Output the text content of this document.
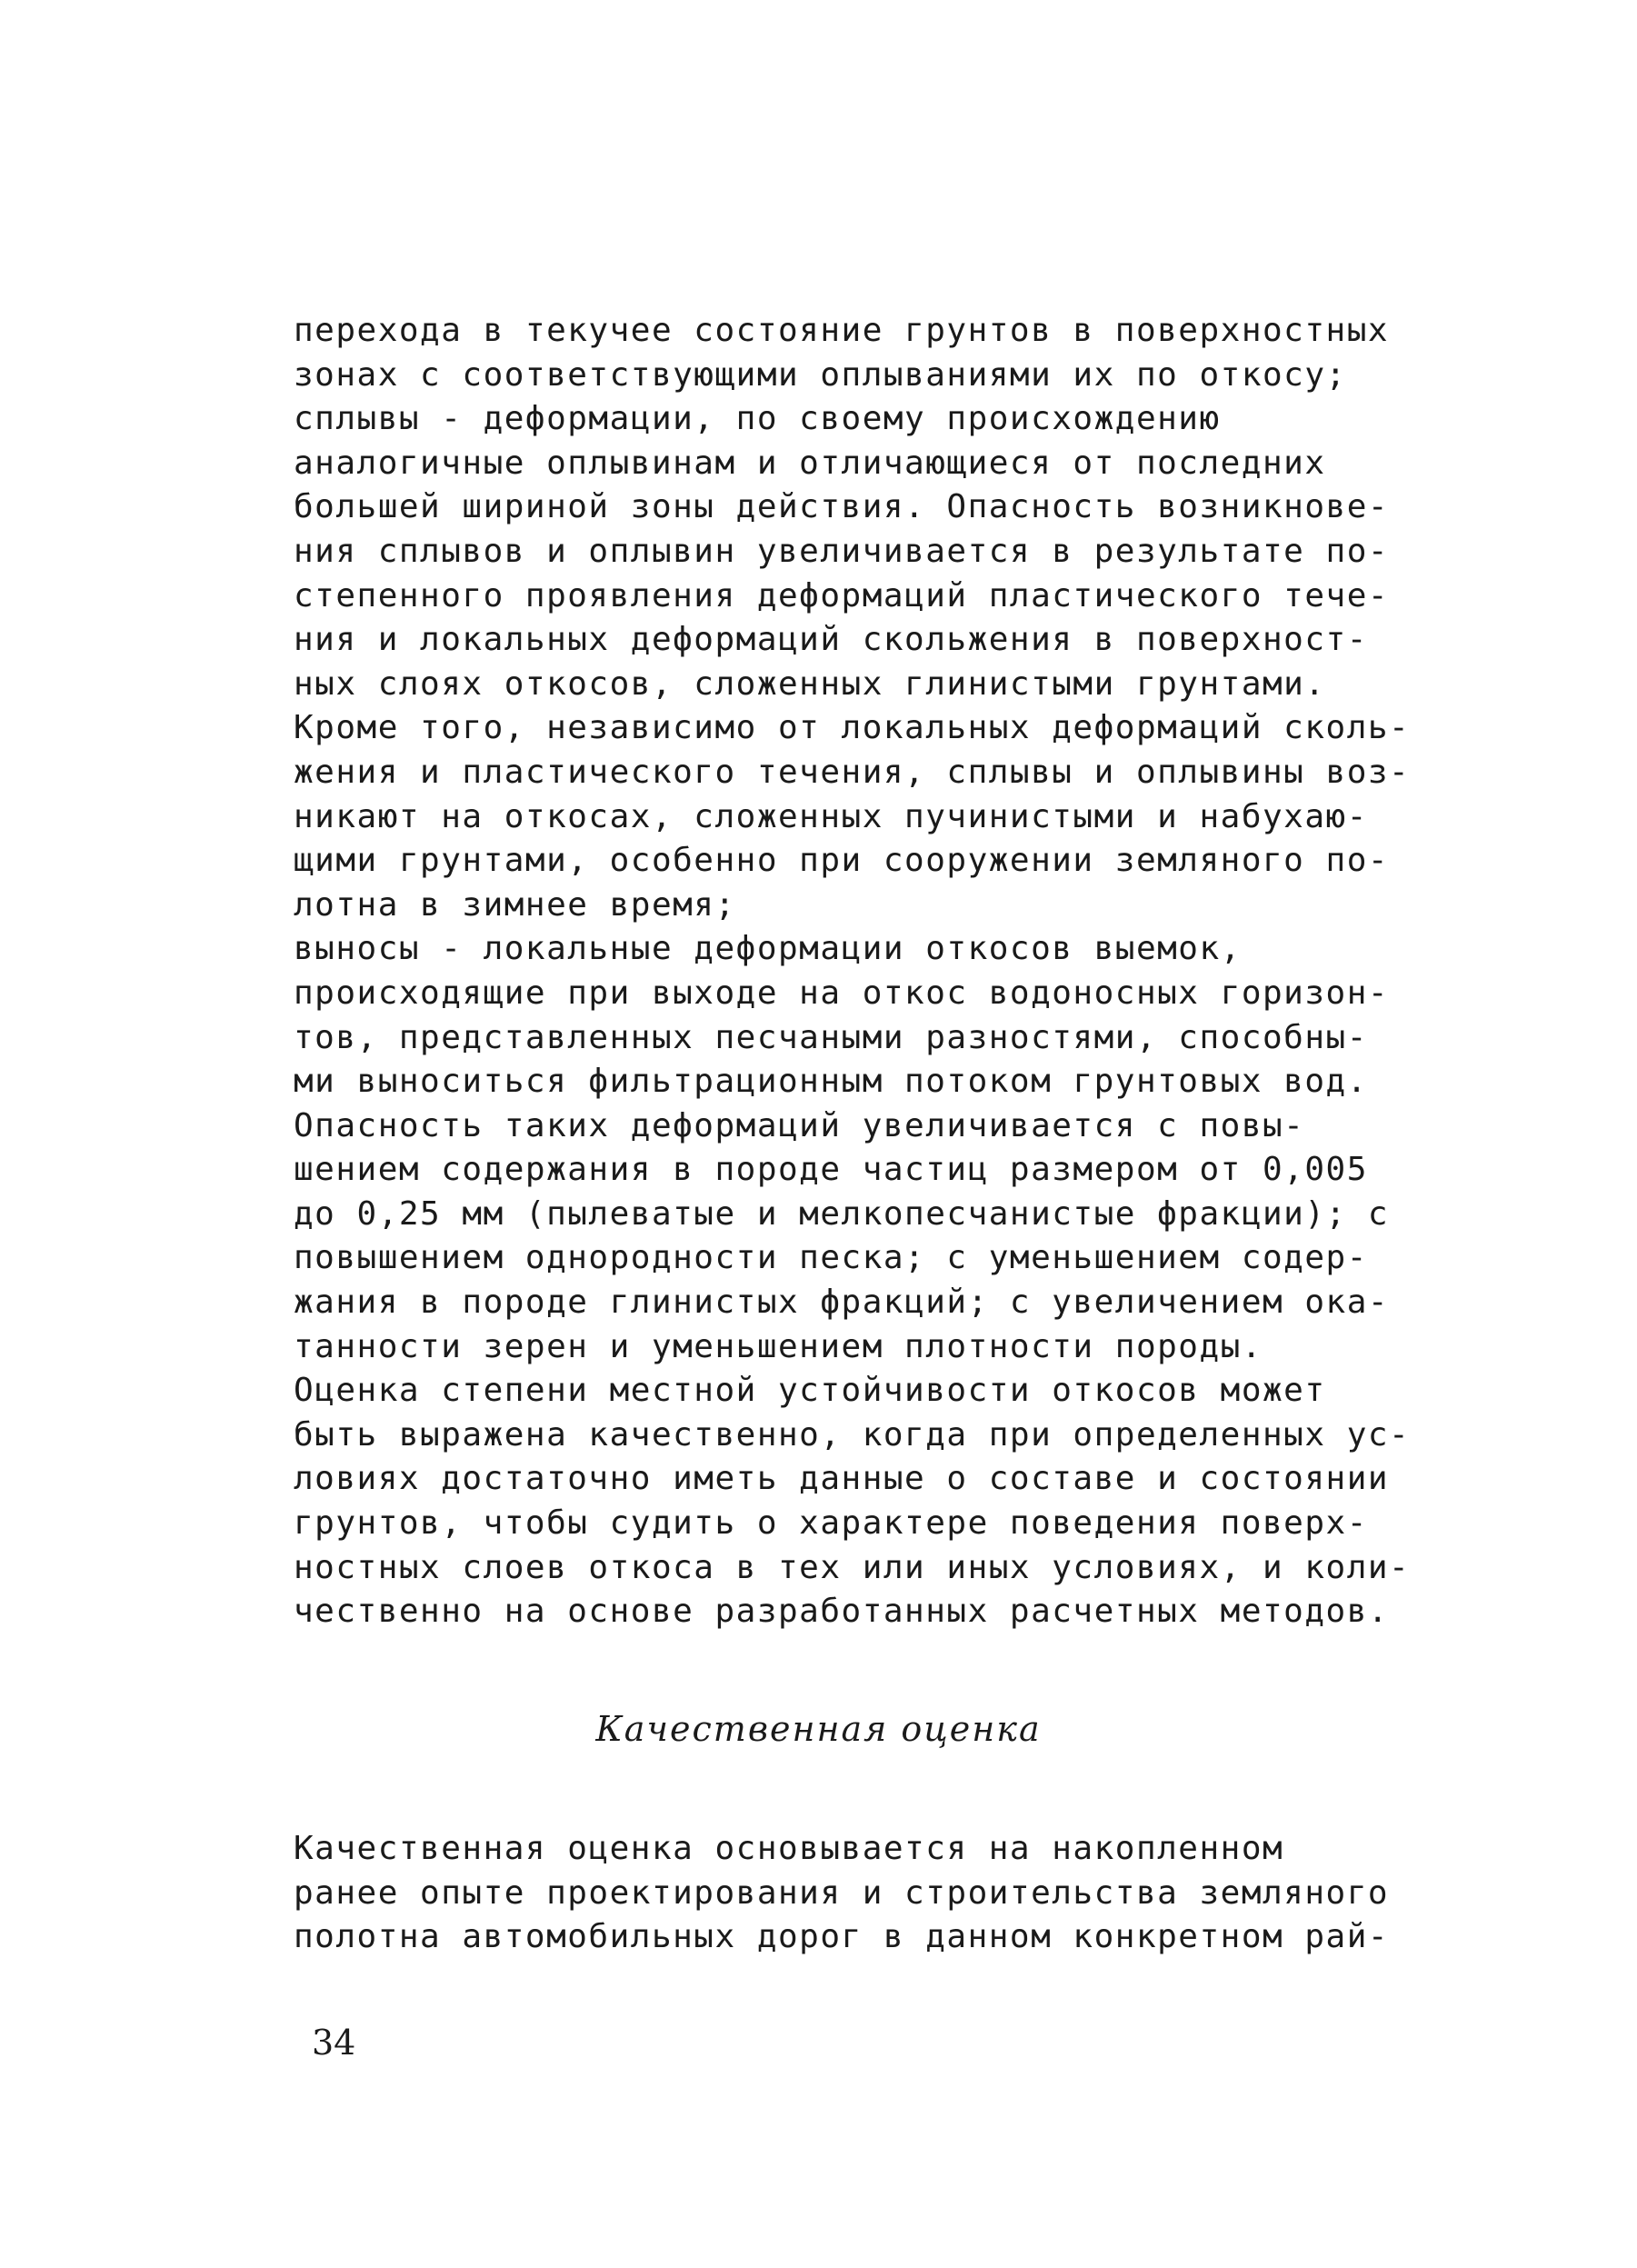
перехода в текучее состояние грунтов в поверхностных
зонах с соответствующими оплываниями их по откосу;
сплывы - деформации, по своему происхождению
аналогичные оплывинам и отличающиеся от последних
большей шириной зоны действия. Опасность возникнове-
ния сплывов и оплывин увеличивается в результате по-
степенного проявления деформаций пластического тече-
ния и локальных деформаций скольжения в поверхност-
ных слоях откосов, сложенных глинистыми грунтами.
Кроме того, независимо от локальных деформаций сколь-
жения и пластического течения, сплывы и оплывины воз-
никают на откосах, сложенных пучинистыми и набухаю-
щими грунтами, особенно при сооружении земляного по-
лотна в зимнее время;
выносы - локальные деформации откосов выемок,
происходящие при выходе на откос водоносных горизон-
тов, представленных песчаными разностями, способны-
ми выноситься фильтрационным потоком грунтовых вод.
Опасность таких деформаций увеличивается с повы-
шением содержания в породе частиц размером от 0,005
до 0,25 мм (пылеватые и мелкопесчанистые фракции); с
повышением однородности песка; с уменьшением содер-
жания в породе глинистых фракций; с увеличением ока-
танности зерен и уменьшением плотности породы.
Оценка степени местной устойчивости откосов может
быть выражена качественно, когда при определенных ус-
ловиях достаточно иметь данные о составе и состоянии
грунтов, чтобы судить о характере поведения поверх-
ностных слоев откоса в тех или иных условиях, и коли-
чественно на основе разработанных расчетных методов.
Качественная оценка
Качественная оценка основывается на накопленном
ранее опыте проектирования и строительства земляного
полотна автомобильных дорог в данном конкретном рай-
34
